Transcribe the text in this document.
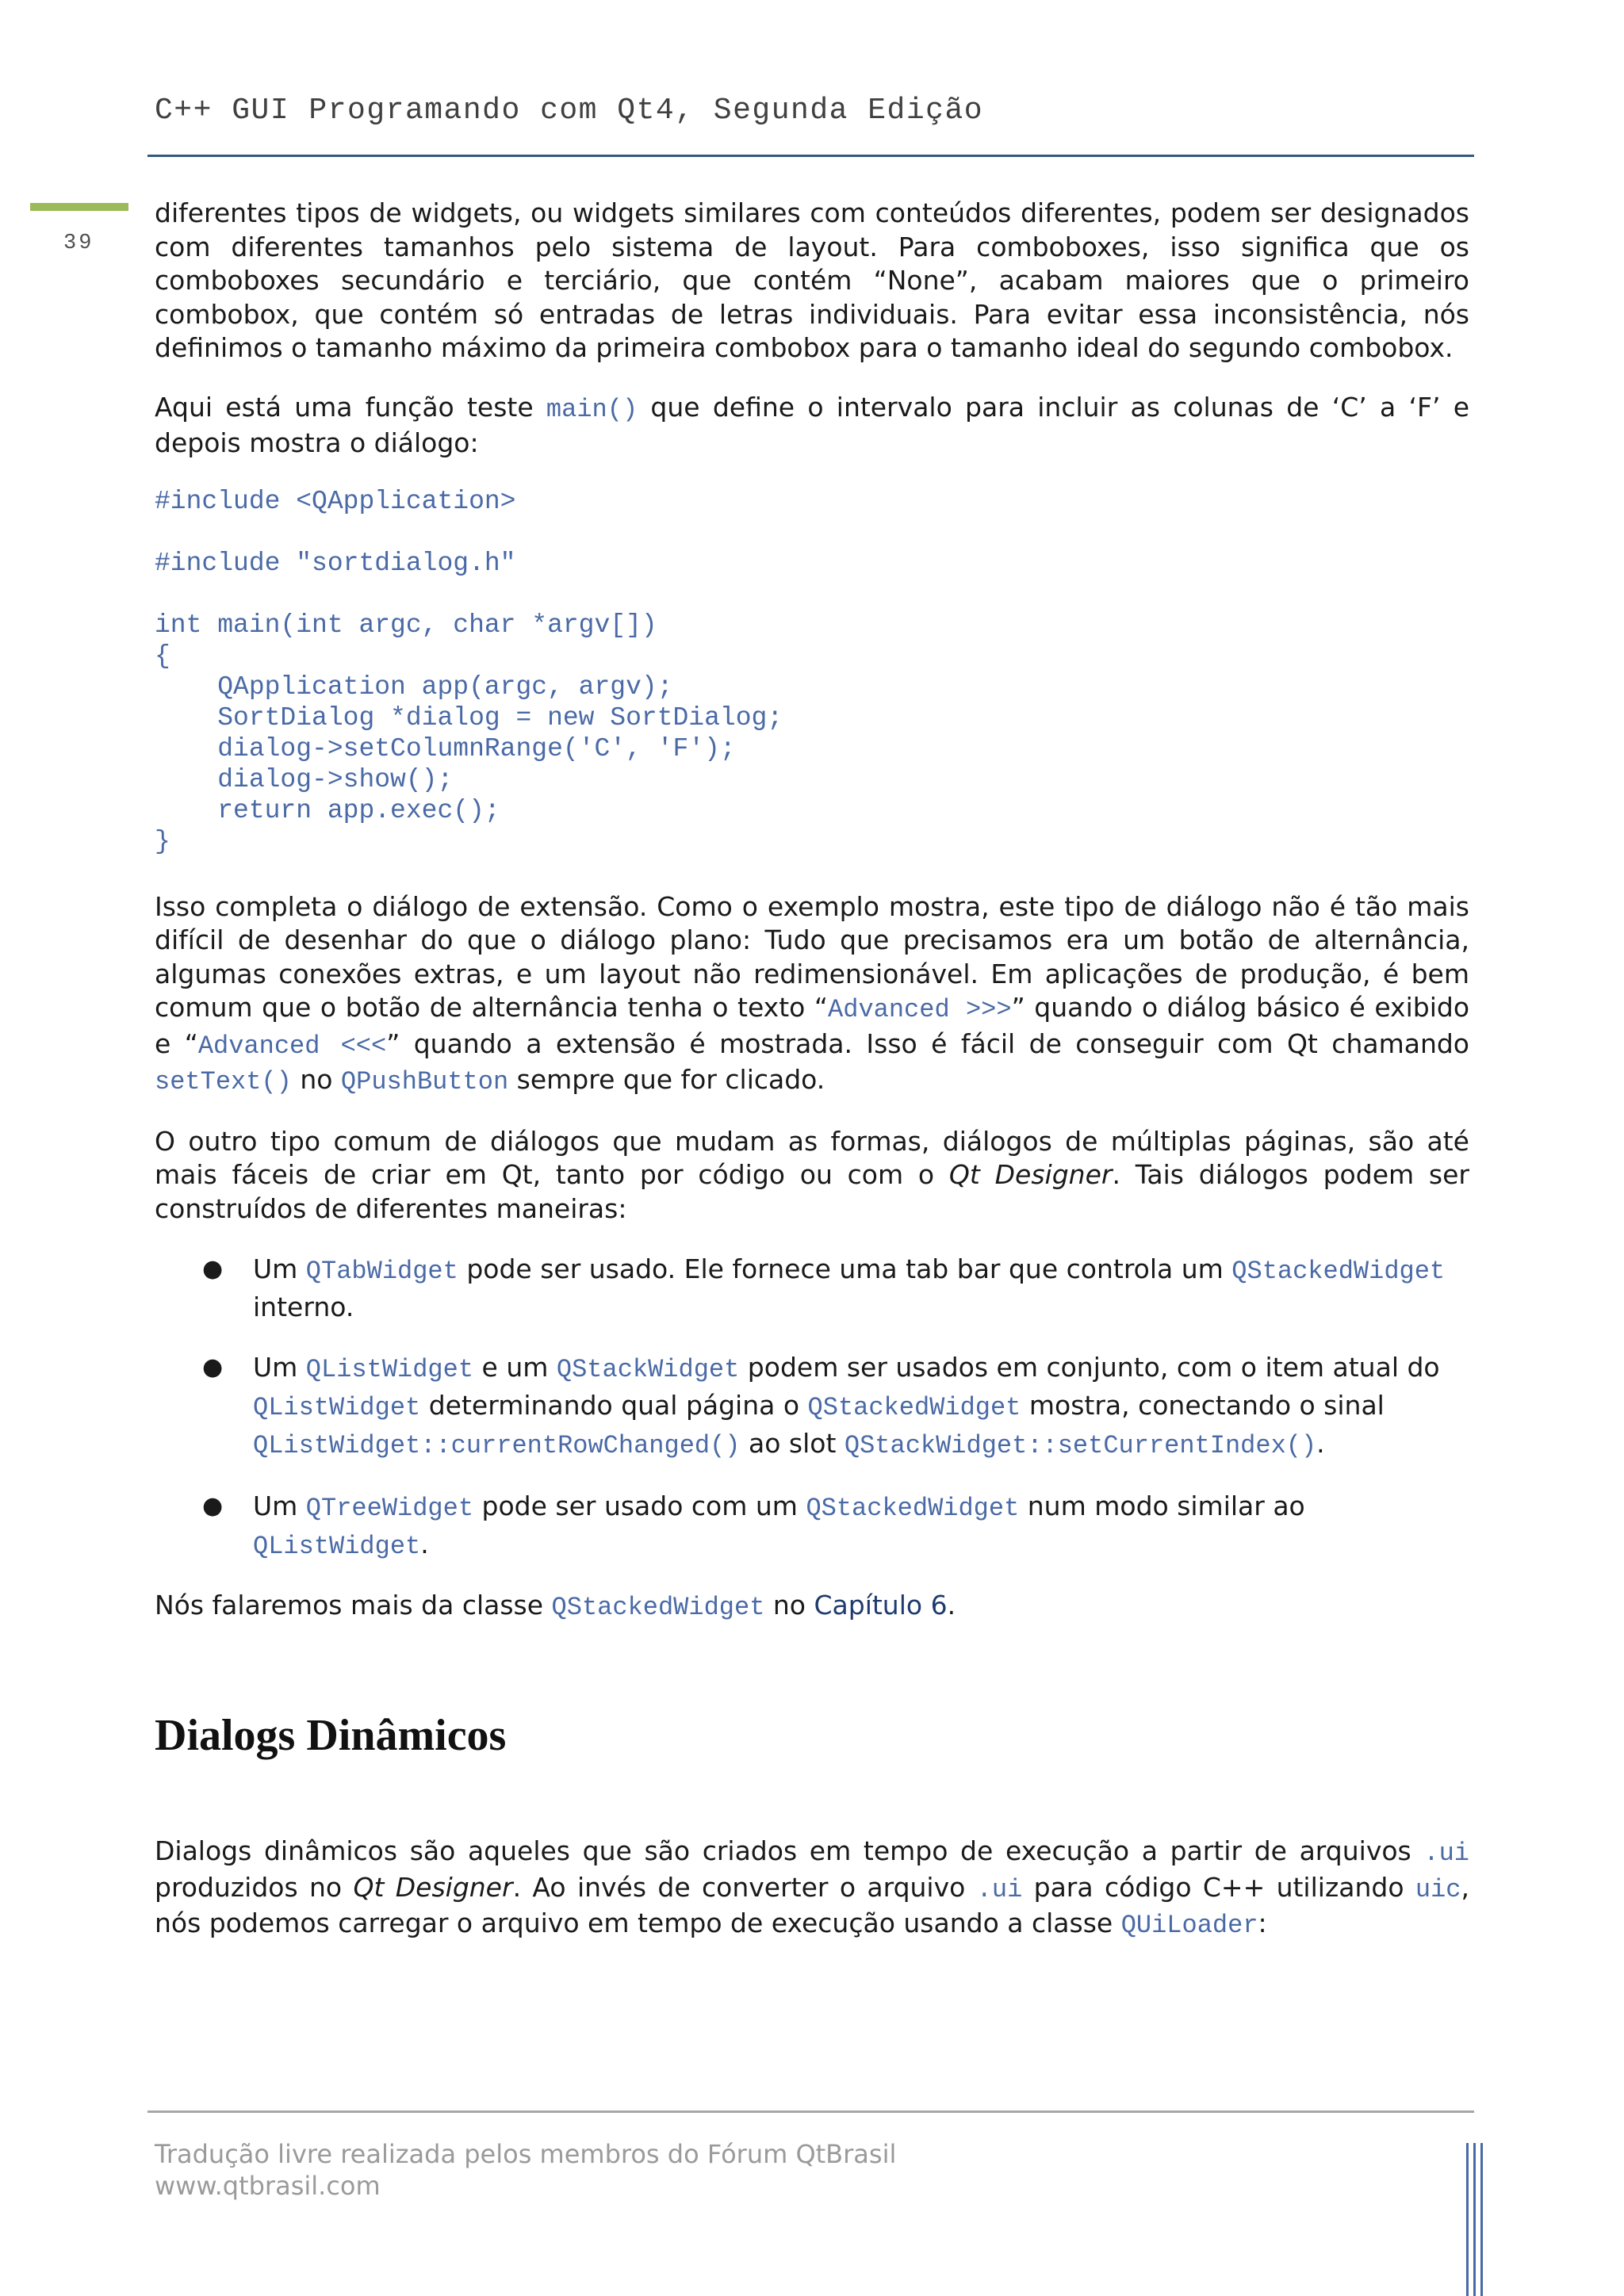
C++ GUI Programando com Qt4, Segunda Edição
39

diferentes tipos de widgets, ou widgets similares com conteúdos diferentes, podem ser designados com diferentes tamanhos pelo sistema de layout. Para comboboxes, isso significa que os comboboxes secundário e terciário, que contém “None”, acabam maiores que o primeiro combobox, que contém só entradas de letras individuais. Para evitar essa inconsistência, nós definimos o tamanho máximo da primeira combobox para o tamanho ideal do segundo combobox.

Aqui está uma função teste main() que define o intervalo para incluir as colunas de ‘C’ a ‘F’ e depois mostra o diálogo:

#include <QApplication>
#include "sortdialog.h"
int main(int argc, char *argv[])
{
QApplication app(argc, argv);
SortDialog *dialog = new SortDialog;
dialog->setColumnRange('C', 'F');
dialog->show();
return app.exec();
}

Isso completa o diálogo de extensão. Como o exemplo mostra, este tipo de diálogo não é tão mais difícil de desenhar do que o diálogo plano: Tudo que precisamos era um botão de alternância, algumas conexões extras, e um layout não redimensionável. Em aplicações de produção, é bem comum que o botão de alternância tenha o texto “Advanced >>>” quando o diálog básico é exibido e “Advanced <<<” quando a extensão é mostrada. Isso é fácil de conseguir com Qt chamando setText() no QPushButton sempre que for clicado.

O outro tipo comum de diálogos que mudam as formas, diálogos de múltiplas páginas, são até mais fáceis de criar em Qt, tanto por código ou com o Qt Designer. Tais diálogos podem ser construídos de diferentes maneiras:

● Um QTabWidget pode ser usado. Ele fornece uma tab bar que controla um QStackedWidget interno.
● Um QListWidget e um QStackWidget podem ser usados em conjunto, com o item atual do QListWidget determinando qual página o QStackedWidget mostra, conectando o sinal QListWidget::currentRowChanged() ao slot QStackWidget::setCurrentIndex().
● Um QTreeWidget pode ser usado com um QStackedWidget num modo similar ao QListWidget.

Nós falaremos mais da classe QStackedWidget no Capítulo 6.

Dialogs Dinâmicos

Dialogs dinâmicos são aqueles que são criados em tempo de execução a partir de arquivos .ui produzidos no Qt Designer. Ao invés de converter o arquivo .ui para código C++ utilizando uic, nós podemos carregar o arquivo em tempo de execução usando a classe QUiLoader:

Tradução livre realizada pelos membros do Fórum QtBrasil
www.qtbrasil.com
